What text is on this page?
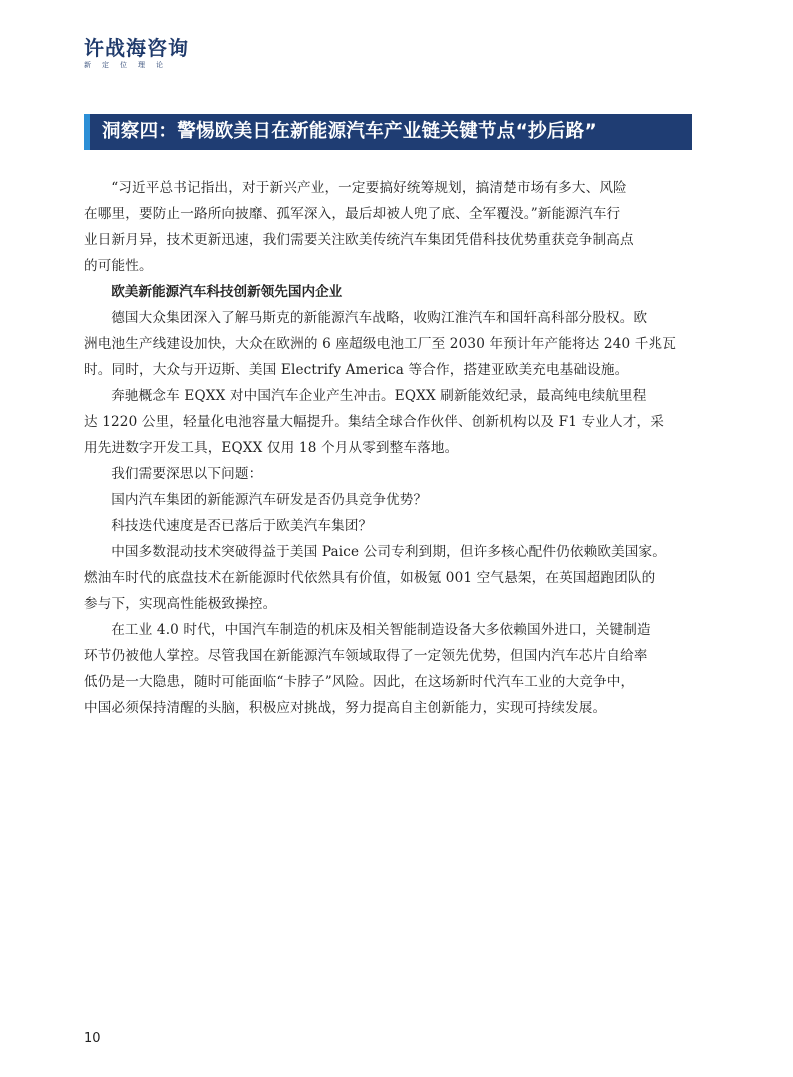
许战海咨询
新定位理论
洞察四：警惕欧美日在新能源汽车产业链关键节点“抄后路”
“习近平总书记指出，对于新兴产业，一定要搞好统筹规划，搞清楚市场有多大、风险
在哪里，要防止一路所向披靡、孤军深入，最后却被人兜了底、全军覆没。”新能源汽车行
业日新月异，技术更新迅速，我们需要关注欧美传统汽车集团凭借科技优势重获竞争制高点
的可能性。
欧美新能源汽车科技创新领先国内企业
德国大众集团深入了解马斯克的新能源汽车战略，收购江淮汽车和国轩高科部分股权。欧
洲电池生产线建设加快，大众在欧洲的 6 座超级电池工厂至 2030 年预计年产能将达 240 千兆瓦
时。同时，大众与开迈斯、美国 Electrify America 等合作，搭建亚欧美充电基础设施。
奔驰概念车 EQXX 对中国汽车企业产生冲击。EQXX 刷新能效纪录，最高纯电续航里程
达 1220 公里，轻量化电池容量大幅提升。集结全球合作伙伴、创新机构以及 F1 专业人才，采
用先进数字开发工具，EQXX 仅用 18 个月从零到整车落地。
我们需要深思以下问题：
国内汽车集团的新能源汽车研发是否仍具竞争优势？
科技迭代速度是否已落后于欧美汽车集团？
中国多数混动技术突破得益于美国 Paice 公司专利到期，但许多核心配件仍依赖欧美国家。
燃油车时代的底盘技术在新能源时代依然具有价值，如极氪 001 空气悬架，在英国超跑团队的
参与下，实现高性能极致操控。
在工业 4.0 时代，中国汽车制造的机床及相关智能制造设备大多依赖国外进口，关键制造
环节仍被他人掌控。尽管我国在新能源汽车领域取得了一定领先优势，但国内汽车芯片自给率
低仍是一大隐患，随时可能面临“卡脖子”风险。因此，在这场新时代汽车工业的大竞争中，
中国必须保持清醒的头脑，积极应对挑战，努力提高自主创新能力，实现可持续发展。
10
